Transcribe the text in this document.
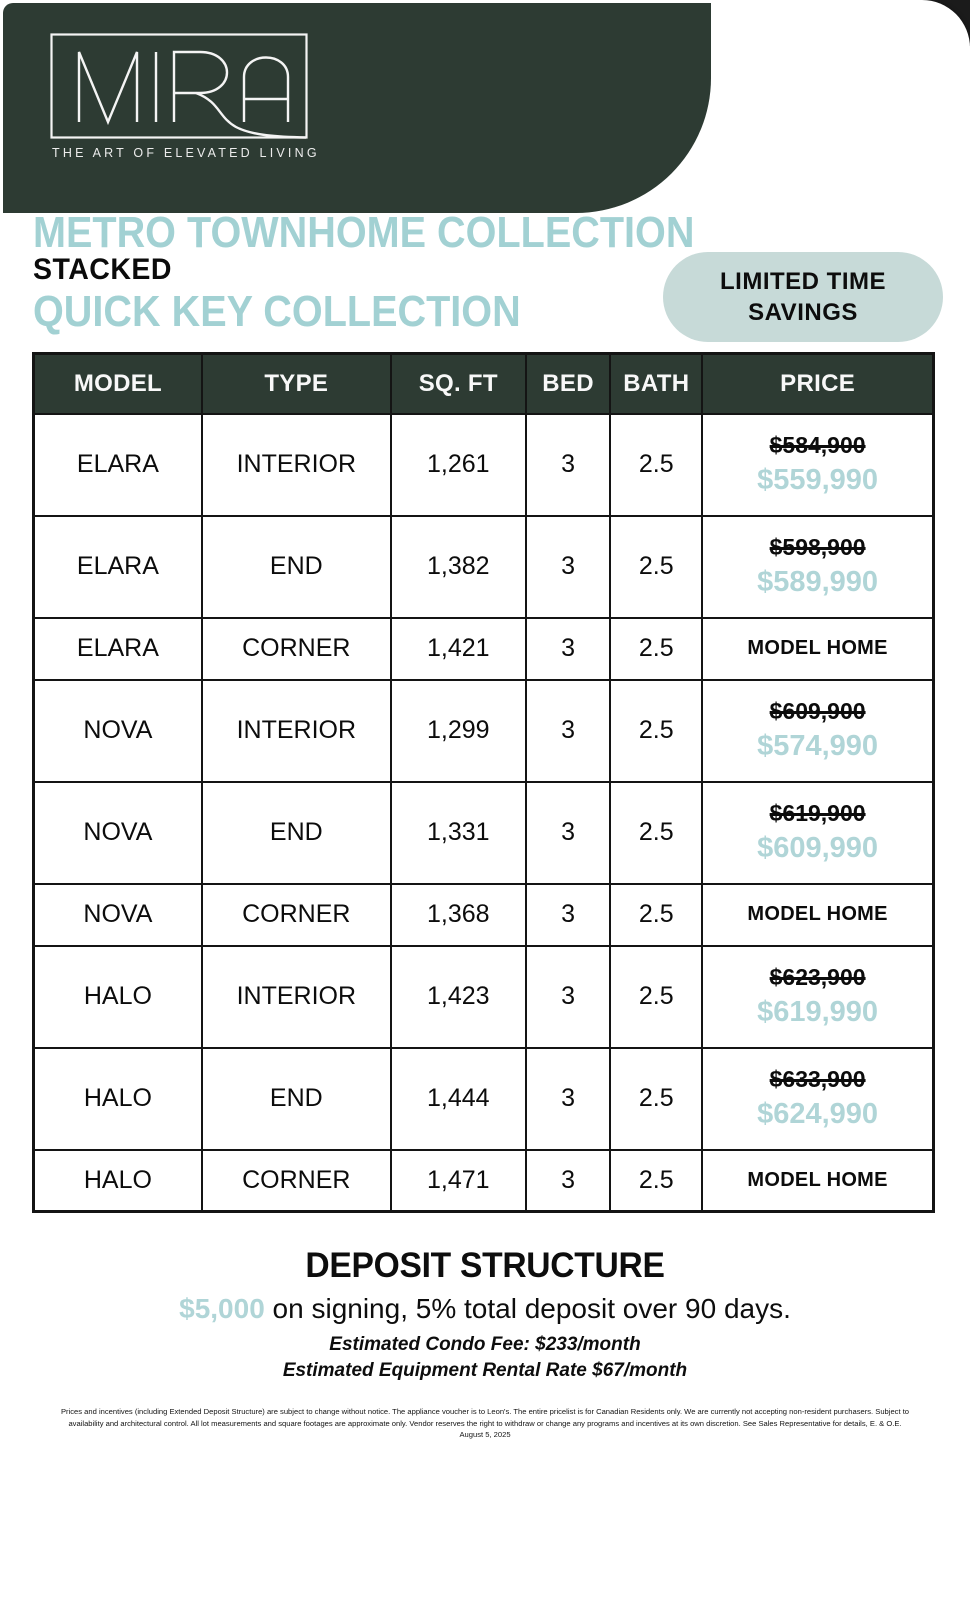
THE ART OF ELEVATED LIVING
METRO TOWNHOME COLLECTION
STACKED
QUICK KEY COLLECTION
LIMITED TIME
SAVINGS
MODEL	TYPE	SQ. FT	BED	BATH	PRICE
ELARA	INTERIOR	1,261	3	2.5	$584,900
$559,990

ELARA	END	1,382	3	2.5	$598,900
$589,990

ELARA	CORNER	1,421	3	2.5	MODEL HOME

NOVA	INTERIOR	1,299	3	2.5	$609,900
$574,990

NOVA	END	1,331	3	2.5	$619,900
$609,990

NOVA	CORNER	1,368	3	2.5	MODEL HOME

HALO	INTERIOR	1,423	3	2.5	$623,900
$619,990

HALO	END	1,444	3	2.5	$633,900
$624,990

HALO	CORNER	1,471	3	2.5	MODEL HOME
DEPOSIT STRUCTURE
$5,000 on signing, 5% total deposit over 90 days.
Estimated Condo Fee: $233/month
Estimated Equipment Rental Rate $67/month
Prices and incentives (including Extended Deposit Structure) are subject to change without notice. The appliance voucher is to Leon's. The entire pricelist is for Canadian Residents only. We are currently not accepting non-resident purchasers. Subject to availability and architectural control. All lot measurements and square footages are approximate only. Vendor reserves the right to withdraw or change any programs and incentives at its own discretion. See Sales Representative for details, E. & O.E. August 5, 2025
